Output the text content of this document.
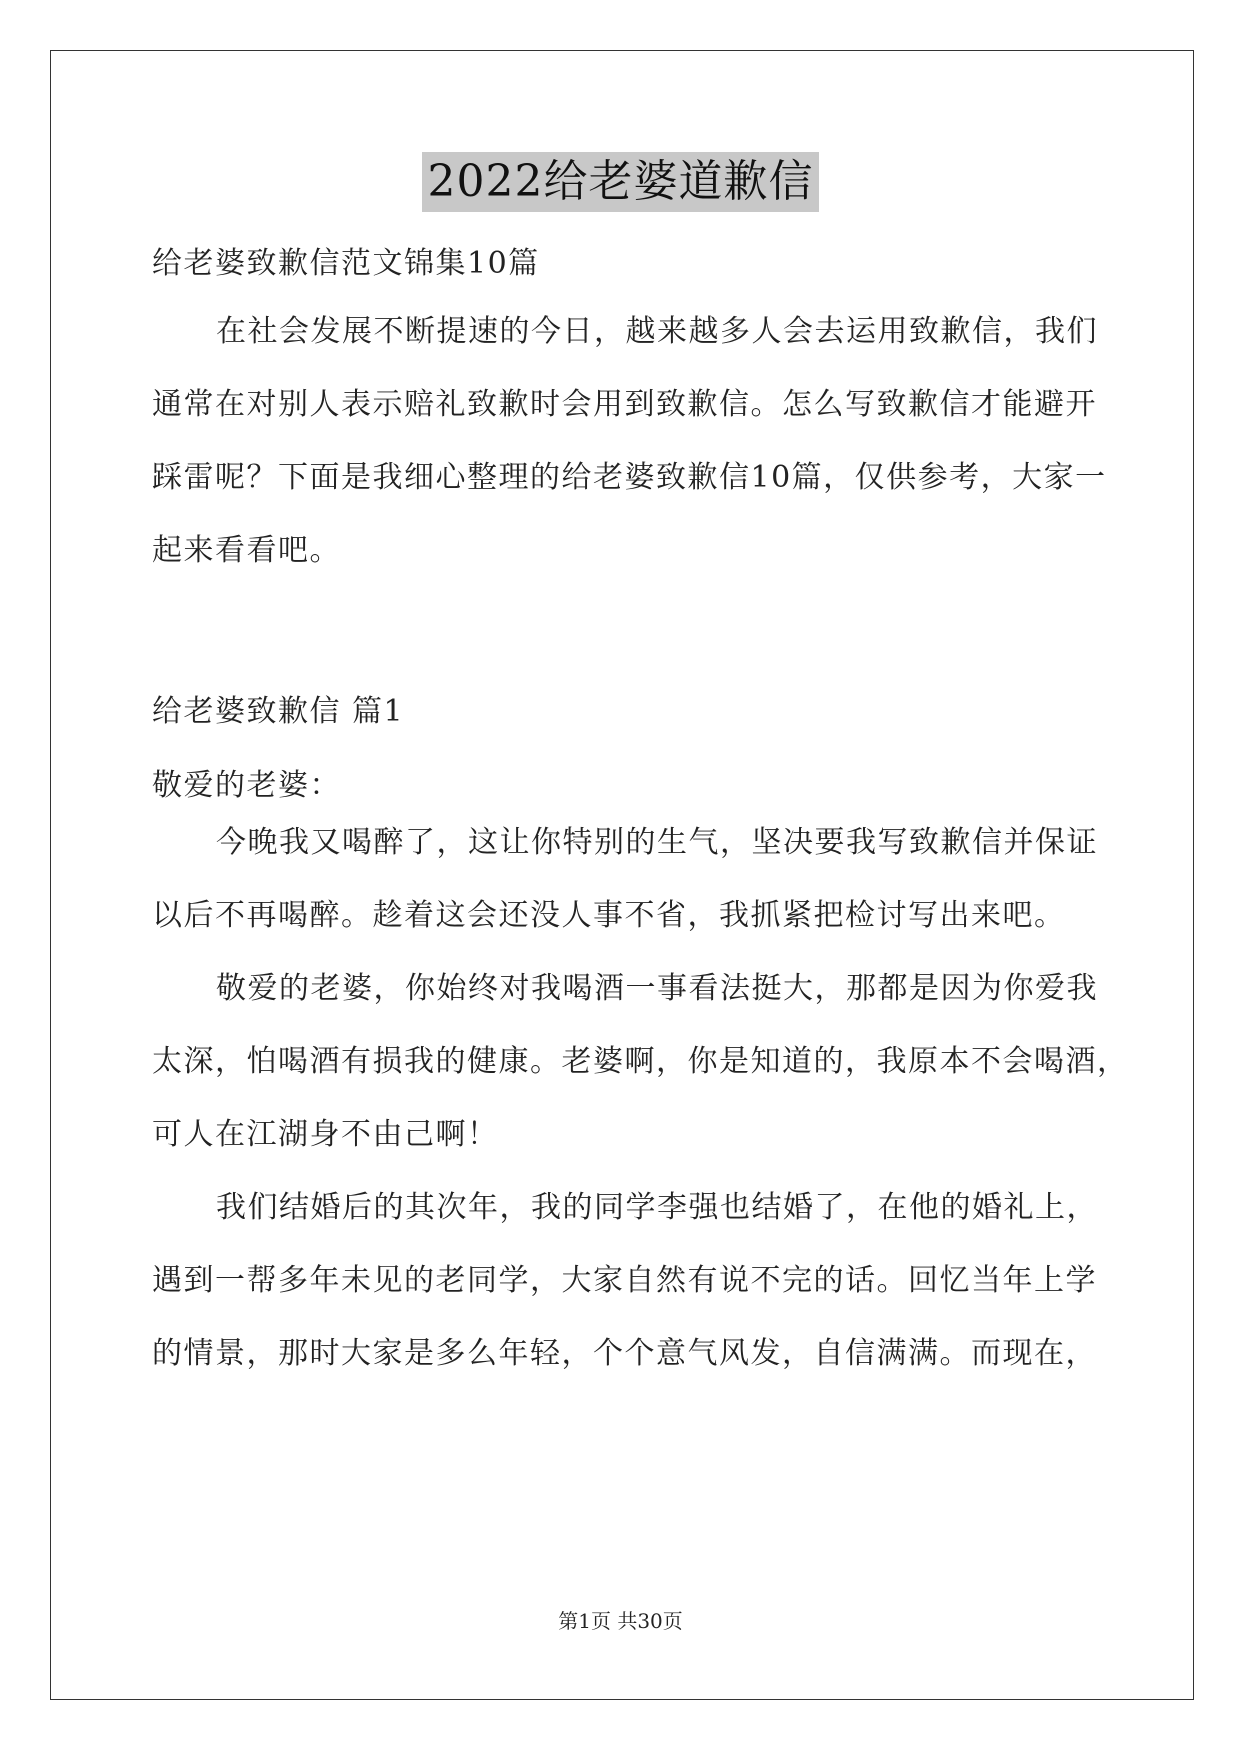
2022给老婆道歉信
给老婆致歉信范文锦集10篇
在社会发展不断提速的今日，越来越多人会去运用致歉信，我们
通常在对别人表示赔礼致歉时会用到致歉信。怎么写致歉信才能避开
踩雷呢？下面是我细心整理的给老婆致歉信10篇，仅供参考，大家一
起来看看吧。
给老婆致歉信 篇1
敬爱的老婆：
今晚我又喝醉了，这让你特别的生气，坚决要我写致歉信并保证
以后不再喝醉。趁着这会还没人事不省，我抓紧把检讨写出来吧。
敬爱的老婆，你始终对我喝酒一事看法挺大，那都是因为你爱我
太深，怕喝酒有损我的健康。老婆啊，你是知道的，我原本不会喝酒，
可人在江湖身不由己啊！
我们结婚后的其次年，我的同学李强也结婚了，在他的婚礼上，
遇到一帮多年未见的老同学，大家自然有说不完的话。回忆当年上学
的情景，那时大家是多么年轻，个个意气风发，自信满满。而现在，
第1页 共30页
